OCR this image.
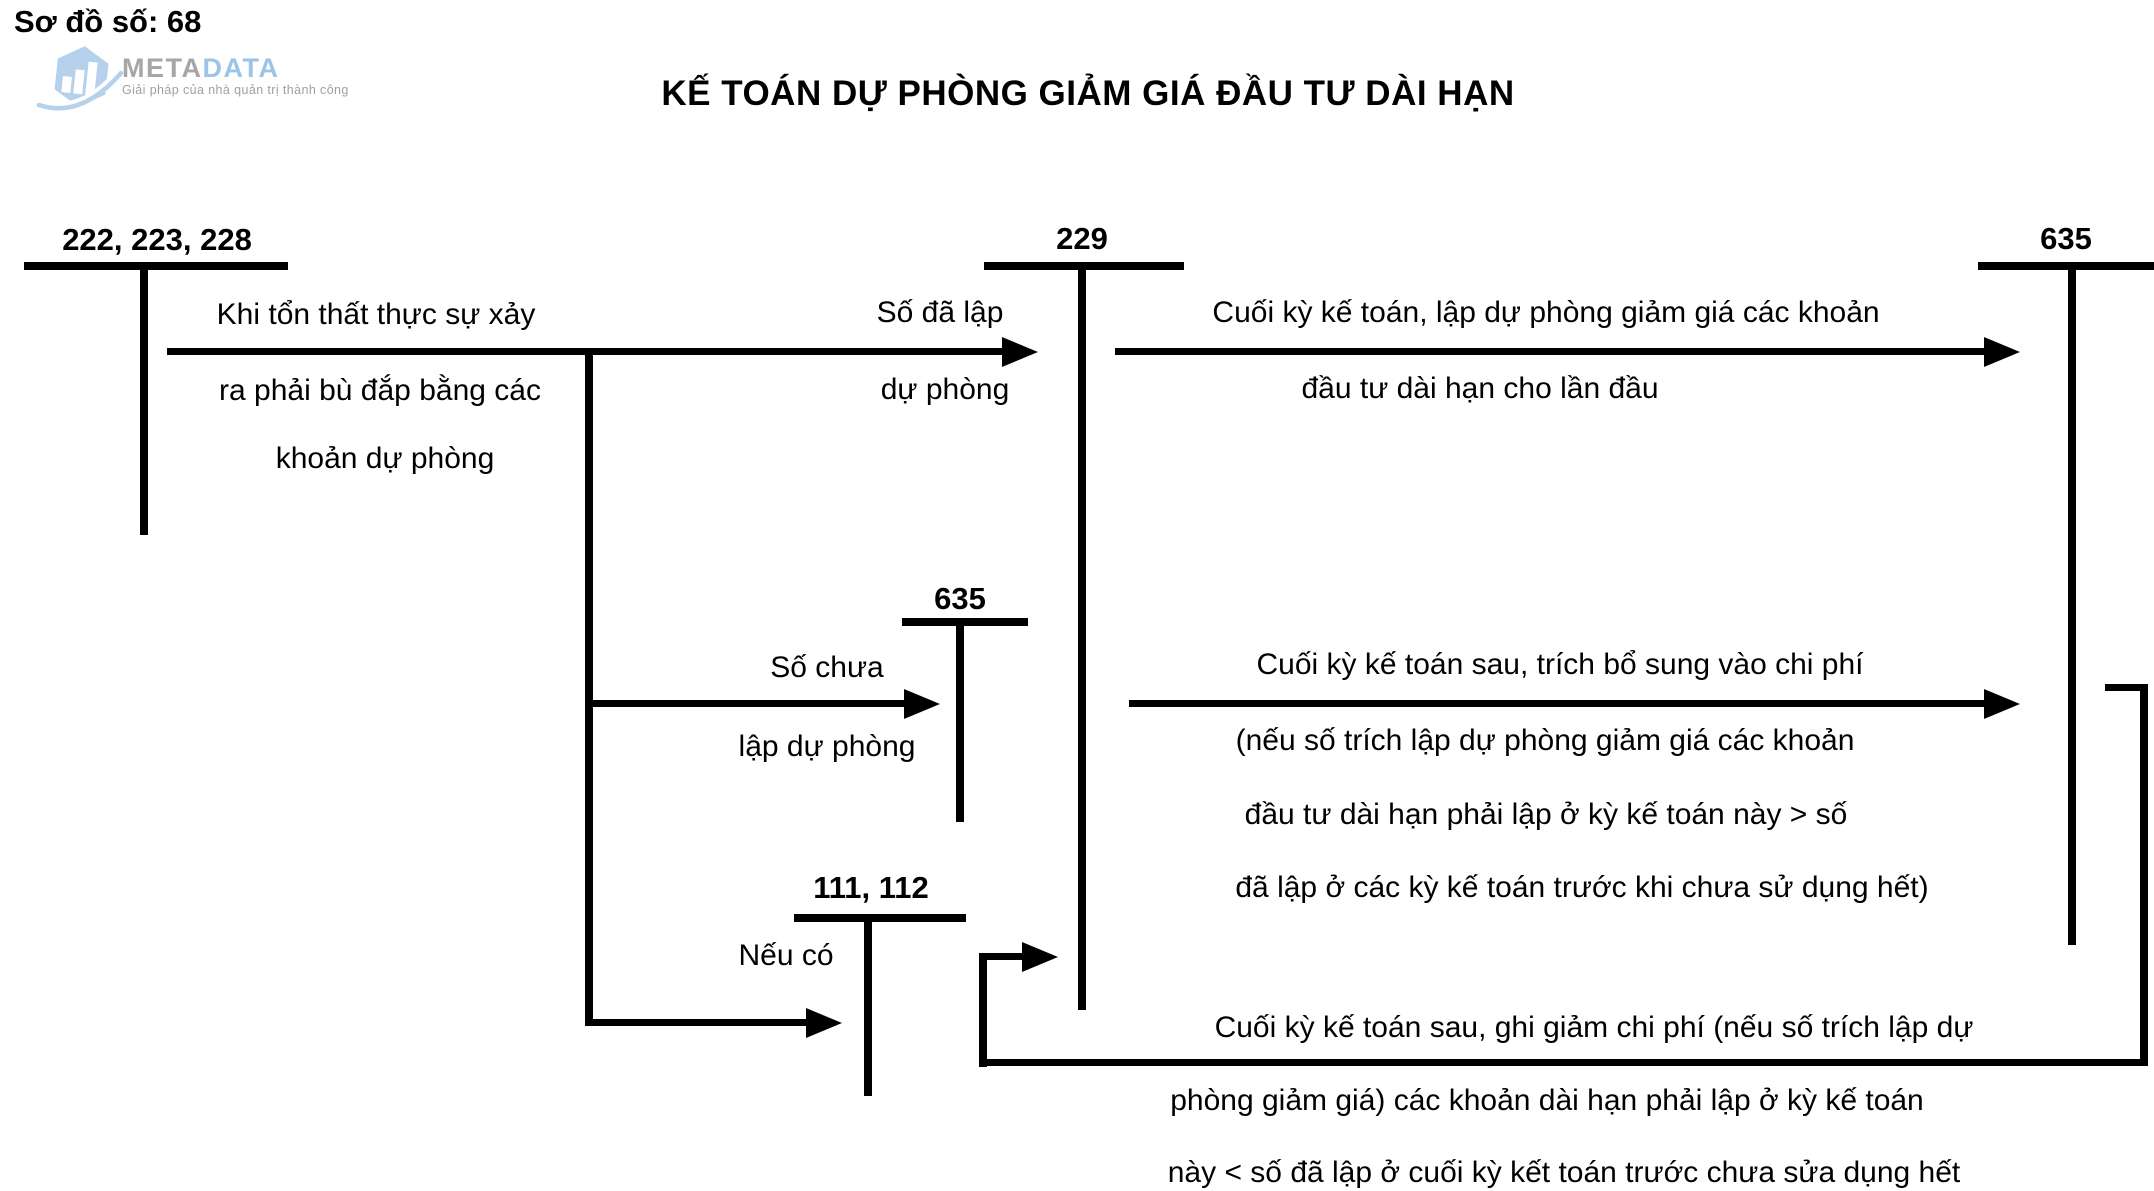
Sơ đồ số: 68
METADATA
Giải pháp của nhà quản trị thành công	KẾ TOÁN DỰ PHÒNG GIẢM GIÁ ĐẦU TƯ DÀI HẠN
222, 223, 228	229	635
635
111, 112
Khi tổn thất thực sự xảy
ra phải bù đắp bằng các
khoản dự phòng
Số đã lập
dự phòng
Cuối kỳ kế toán, lập dự phòng giảm giá các khoản
đầu tư dài hạn cho lần đầu
Số chưa
lập dự phòng
Cuối kỳ kế toán sau, trích bổ sung vào chi phí
(nếu số trích lập dự phòng giảm giá các khoản
đầu tư dài hạn phải lập ở kỳ kế toán này > số
đã lập ở các kỳ kế toán trước khi chưa sử dụng hết)
Nếu có
Cuối kỳ kế toán sau, ghi giảm chi phí (nếu số trích lập dự
phòng giảm giá) các khoản dài hạn phải lập ở kỳ kế toán
này < số đã lập ở cuối kỳ kết toán trước chưa sửa dụng hết
